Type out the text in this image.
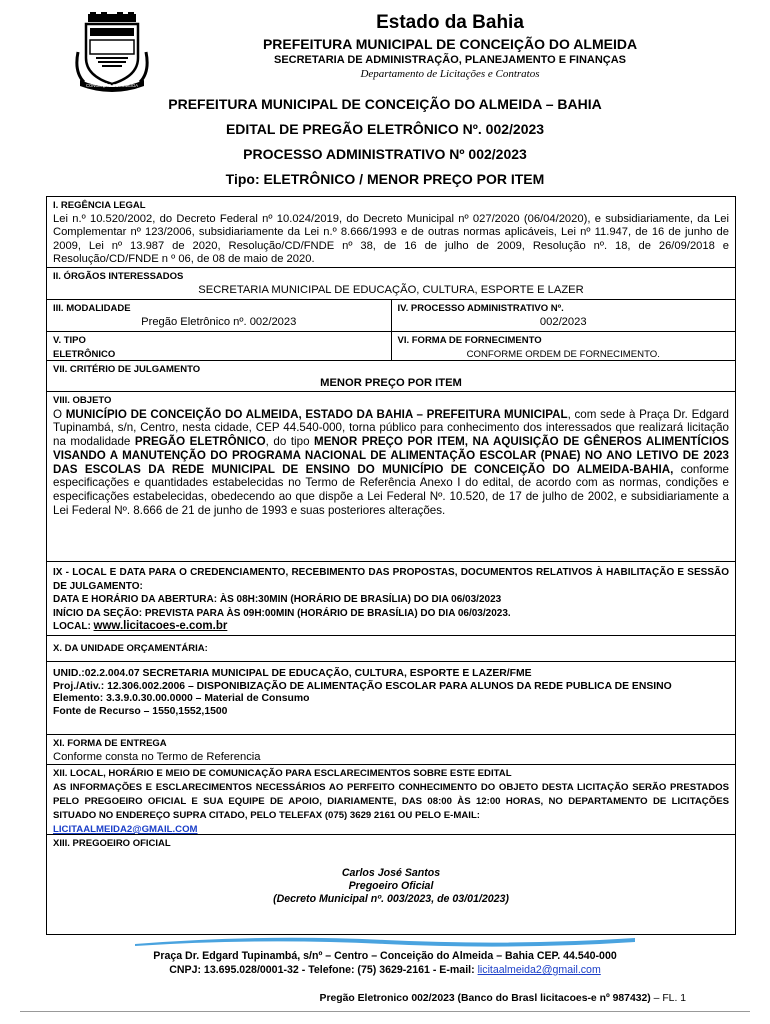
CONCEIÇÃO DO ALMEIDA
Estado da Bahia

PREFEITURA MUNICIPAL DE CONCEIÇÃO DO ALMEIDA

SECRETARIA DE ADMINISTRAÇÃO, PLANEJAMENTO E FINANÇAS

Departamento de Licitações e Contratos

PREFEITURA MUNICIPAL DE CONCEIÇÃO DO ALMEIDA – BAHIA

EDITAL DE PREGÃO ELETRÔNICO Nº. 002/2023

PROCESSO ADMINISTRATIVO Nº 002/2023

Tipo: ELETRÔNICO / MENOR PREÇO POR ITEM

I. REGÊNCIA LEGAL
Lei n.º 10.520/2002, do Decreto Federal nº 10.024/2019, do Decreto Municipal nº 027/2020 (06/04/2020), e subsidiariamente, da Lei Complementar nº 123/2006, subsidiariamente da Lei n.º 8.666/1993 e de outras normas aplicáveis, Lei nº 11.947, de 16 de junho de 2009, Lei nº 13.987 de 2020, Resolução/CD/FNDE nº 38, de 16 de julho de 2009, Resolução nº. 18, de 26/09/2018 e Resolução/CD/FNDE n º 06, de 08 de maio de 2020.
II. ÓRGÃOS INTERESSADOS
SECRETARIA MUNICIPAL DE EDUCAÇÃO, CULTURA, ESPORTE E LAZER
III. MODALIDADE
Pregão Eletrônico nº. 002/2023
IV. PROCESSO ADMINISTRATIVO Nº.
002/2023
V. TIPO
ELETRÔNICO
VI. FORMA DE FORNECIMENTO
CONFORME ORDEM DE FORNECIMENTO.
VII. CRITÉRIO DE JULGAMENTO
MENOR PREÇO POR ITEM
VIII. OBJETO
O MUNICÍPIO DE CONCEIÇÃO DO ALMEIDA, ESTADO DA BAHIA – PREFEITURA MUNICIPAL, com sede à Praça Dr. Edgard Tupinambá, s/n, Centro, nesta cidade, CEP 44.540-000, torna público para conhecimento dos interessados que realizará licitação na modalidade PREGÃO ELETRÔNICO, do tipo MENOR PREÇO POR ITEM, NA AQUISIÇÃO DE GÊNEROS ALIMENTÍCIOS VISANDO A MANUTENÇÃO DO PROGRAMA NACIONAL DE ALIMENTAÇÃO ESCOLAR (PNAE) NO ANO LETIVO DE 2023 DAS ESCOLAS DA REDE MUNICIPAL DE ENSINO DO MUNICÍPIO DE CONCEIÇÃO DO ALMEIDA-BAHIA, conforme especificações e quantidades estabelecidas no Termo de Referência Anexo I do edital, de acordo com as normas, condições e especificações estabelecidas, obedecendo ao que dispõe a Lei Federal Nº. 10.520, de 17 de julho de 2002, e subsidiariamente a Lei Federal Nº. 8.666 de 21 de junho de 1993 e suas posteriores alterações.
IX - LOCAL E DATA PARA O CREDENCIAMENTO, RECEBIMENTO DAS PROPOSTAS, DOCUMENTOS RELATIVOS À HABILITAÇÃO E SESSÃO DE JULGAMENTO:
DATA E HORÁRIO DA ABERTURA: ÀS 08H:30MIN (HORÁRIO DE BRASÍLIA) DO DIA 06/03/2023
INÍCIO DA SEÇÃO: PREVISTA PARA ÀS 09H:00MIN (HORÁRIO DE BRASÍLIA) DO DIA 06/03/2023.
LOCAL: www.licitacoes-e.com.br
X. DA UNIDADE ORÇAMENTÁRIA:
UNID.:02.2.004.07 SECRETARIA MUNICIPAL DE EDUCAÇÃO, CULTURA, ESPORTE E LAZER/FME
Proj./Ativ.: 12.306.002.2006 – DISPONIBIZAÇÃO DE ALIMENTAÇÃO ESCOLAR PARA ALUNOS DA REDE PUBLICA DE ENSINO
Elemento: 3.3.9.0.30.00.0000 – Material de Consumo
Fonte de Recurso – 1550,1552,1500
XI. FORMA DE ENTREGA
Conforme consta no Termo de Referencia
XII. LOCAL, HORÁRIO E MEIO DE COMUNICAÇÃO PARA ESCLARECIMENTOS SOBRE ESTE EDITAL
AS INFORMAÇÕES E ESCLARECIMENTOS NECESSÁRIOS AO PERFEITO CONHECIMENTO DO OBJETO DESTA LICITAÇÃO SERÃO PRESTADOS PELO PREGOEIRO OFICIAL E SUA EQUIPE DE APOIO, DIARIAMENTE, DAS 08:00 ÀS 12:00 HORAS, NO DEPARTAMENTO DE LICITAÇÕES SITUADO NO ENDEREÇO SUPRA CITADO, PELO TELEFAX (075) 3629 2161 OU PELO E-MAIL:
LICITAALMEIDA2@GMAIL.COM
XIII. PREGOEIRO OFICIAL
Carlos José Santos
Pregoeiro Oficial
(Decreto Municipal nº. 003/2023, de 03/01/2023)

Praça Dr. Edgard Tupinambá, s/nº – Centro – Conceição do Almeida – Bahia CEP. 44.540-000

CNPJ: 13.695.028/0001-32 - Telefone: (75) 3629-2161 - E-mail: licitaalmeida2@gmail.com

Pregão Eletronico 002/2023 (Banco do Brasl licitacoes-e nº 987432) – FL. 1
